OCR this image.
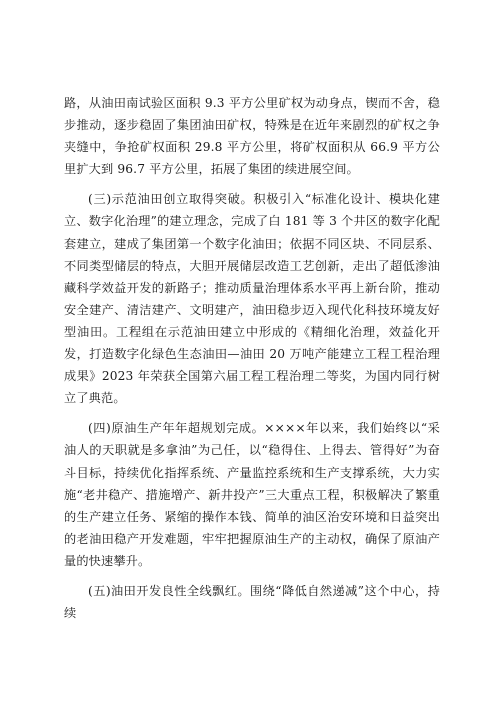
路，从油田南试验区面积 9.3 平方公里矿权为动身点，锲而不舍，稳步推动，逐步稳固了集团油田矿权，特殊是在近年来剧烈的矿权之争夹缝中，争抢矿权面积 29.8 平方公里，将矿权面积从 66.9 平方公里扩大到 96.7 平方公里，拓展了集团的续进展空间。

(三)示范油田创立取得突破。积极引入“标准化设计、模块化建立、数字化治理”的建立理念，完成了白 181 等 3 个井区的数字化配套建立，建成了集团第一个数字化油田；依据不同区块、不同层系、不同类型储层的特点，大胆开展储层改造工艺创新，走出了超低渗油藏科学效益开发的新路子；推动质量治理体系水平再上新台阶，推动安全建产、清洁建产、文明建产，油田稳步迈入现代化科技环境友好型油田。工程组在示范油田建立中形成的《精细化治理，效益化开发，打造数字化绿色生态油田—油田 20 万吨产能建立工程工程治理成果》2023 年荣获全国第六届工程工程治理二等奖，为国内同行树立了典范。

(四)原油生产年年超规划完成。××××年以来，我们始终以“采油人的天职就是多拿油”为己任，以“稳得住、上得去、管得好”为奋斗目标，持续优化指挥系统、产量监控系统和生产支撑系统，大力实施“老井稳产、措施增产、新井投产”三大重点工程，积极解决了繁重的生产建立任务、紧缩的操作本钱、简单的油区治安环境和日益突出的老油田稳产开发难题，牢牢把握原油生产的主动权，确保了原油产量的快速攀升。

(五)油田开发良性全线飘红。围绕“降低自然递减”这个中心，持续
